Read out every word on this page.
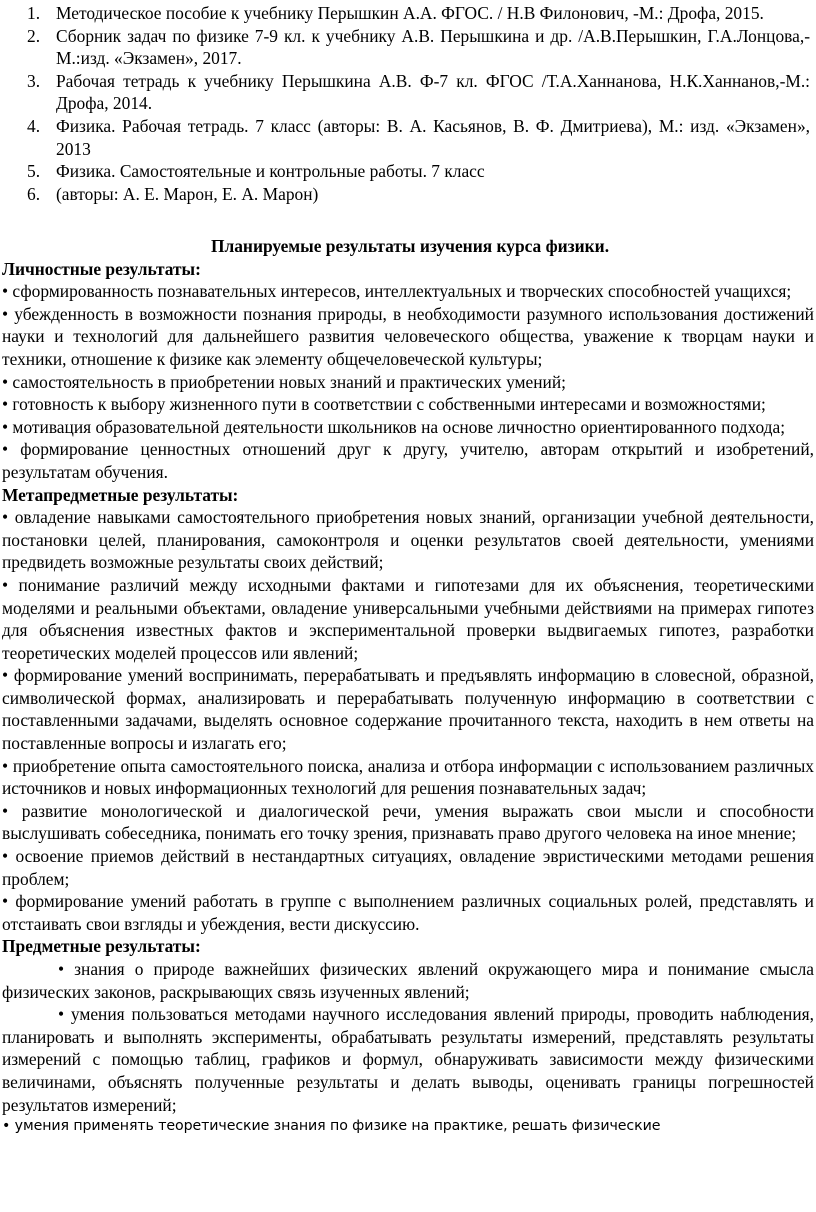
1. Методическое пособие к учебнику Перышкин А.А. ФГОС. / Н.В Филонович, -М.: Дрофа, 2015.
2. Сборник задач по физике 7-9 кл. к учебнику А.В. Перышкина и др. /А.В.Перышкин, Г.А.Лонцова,-М.:изд. «Экзамен», 2017.
3. Рабочая тетрадь к учебнику Перышкина А.В. Ф-7 кл. ФГОС /Т.А.Ханнанова, Н.К.Ханнанов,-М.: Дрофа, 2014.
4. Физика. Рабочая тетрадь. 7 класс (авторы: В. А. Касьянов, В. Ф. Дмитриева), М.: изд. «Экзамен», 2013
5. Физика. Самостоятельные и контрольные работы. 7 класс
6. (авторы: А. Е. Марон, Е. А. Марон)

Планируемые результаты изучения курса физики.

Личностные результаты:

• сформированность познавательных интересов, интеллектуальных и творческих способностей учащихся;

• убежденность в возможности познания природы, в необходимости разумного использования достижений науки и технологий для дальнейшего развития человеческого общества, уважение к творцам науки и техники, отношение к физике как элементу общечеловеческой культуры;

• самостоятельность в приобретении новых знаний и практических умений;

• готовность к выбору жизненного пути в соответствии с собственными интересами и возможностями;

• мотивация образовательной деятельности школьников на основе личностно ориентированного подхода;

• формирование ценностных отношений друг к другу, учителю, авторам открытий и изобретений, результатам обучения.

Метапредметные результаты:

• овладение навыками самостоятельного приобретения новых знаний, организации учебной деятельности, постановки целей, планирования, самоконтроля и оценки результатов своей деятельности, умениями предвидеть возможные результаты своих действий;

• понимание различий между исходными фактами и гипотезами для их объяснения, теоретическими моделями и реальными объектами, овладение универсальными учебными действиями на примерах гипотез для объяснения известных фактов и экспериментальной проверки выдвигаемых гипотез, разработки теоретических моделей процессов или явлений;

• формирование умений воспринимать, перерабатывать и предъявлять информацию в словесной, образной, символической формах, анализировать и перерабатывать полученную информацию в соответствии с поставленными задачами, выделять основное содержание прочитанного текста, находить в нем ответы на поставленные вопросы и излагать его;

• приобретение опыта самостоятельного поиска, анализа и отбора информации с использованием различных источников и новых информационных технологий для решения познавательных задач;

• развитие монологической и диалогической речи, умения выражать свои мысли и способности выслушивать собеседника, понимать его точку зрения, признавать право другого человека на иное мнение;

• освоение приемов действий в нестандартных ситуациях, овладение эвристическими методами решения проблем;

• формирование умений работать в группе с выполнением различных социальных ролей, представлять и отстаивать свои взгляды и убеждения, вести дискуссию.

Предметные результаты:

• знания о природе важнейших физических явлений окружающего мира и понимание смысла физических законов, раскрывающих связь изученных явлений;

• умения пользоваться методами научного исследования явлений природы, проводить наблюдения, планировать и выполнять эксперименты, обрабатывать результаты измерений, представлять результаты измерений с помощью таблиц, графиков и формул, обнаруживать зависимости между физическими величинами, объяснять полученные результаты и делать выводы, оценивать границы погрешностей результатов измерений;

• умения применять теоретические знания по физике на практике, решать физические
